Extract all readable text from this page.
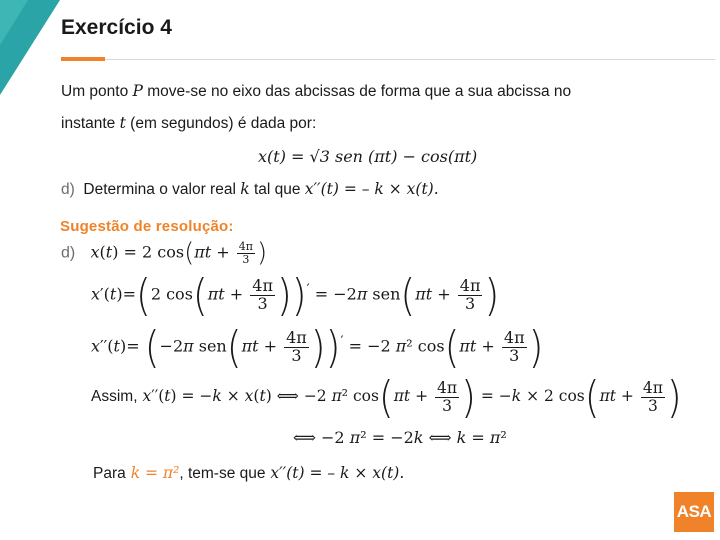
Exercício 4
Um ponto P move-se no eixo das abcissas de forma que a sua abcissa no
instante t (em segundos) é dada por:
x(t) = √3 sen (πt) − cos(πt)
d) Determina o valor real k tal que x′′(t) = – k × x(t).
Sugestão de resolução:
d) x(t) = 2 $\cos(\pi t + \frac{4\pi}{3}$ )
x′(t)=(2 $\cos(\pi t + \frac{4\pi}{3} ))' = -2\pi$ $sen(\pi t + \frac{4\pi}{3}$ )
x′′(t)= (−2π $sen(\pi t + \frac{4\pi}{3} ))' = -2$ π² $\cos(\pi t + \frac{4\pi}{3}$ )
Assim, x′′(t) = −k × x(t) ⟺ −2 π² $\cos(\pi t + \frac{4\pi}{3}$ ) = −k × 2 $\cos(\pi t + \frac{4\pi}{3}$ )
⟺ −2 π² = −2k ⟺ k = π²
Para k = π², tem-se que x′′(t) = – k × x(t).
ASA
